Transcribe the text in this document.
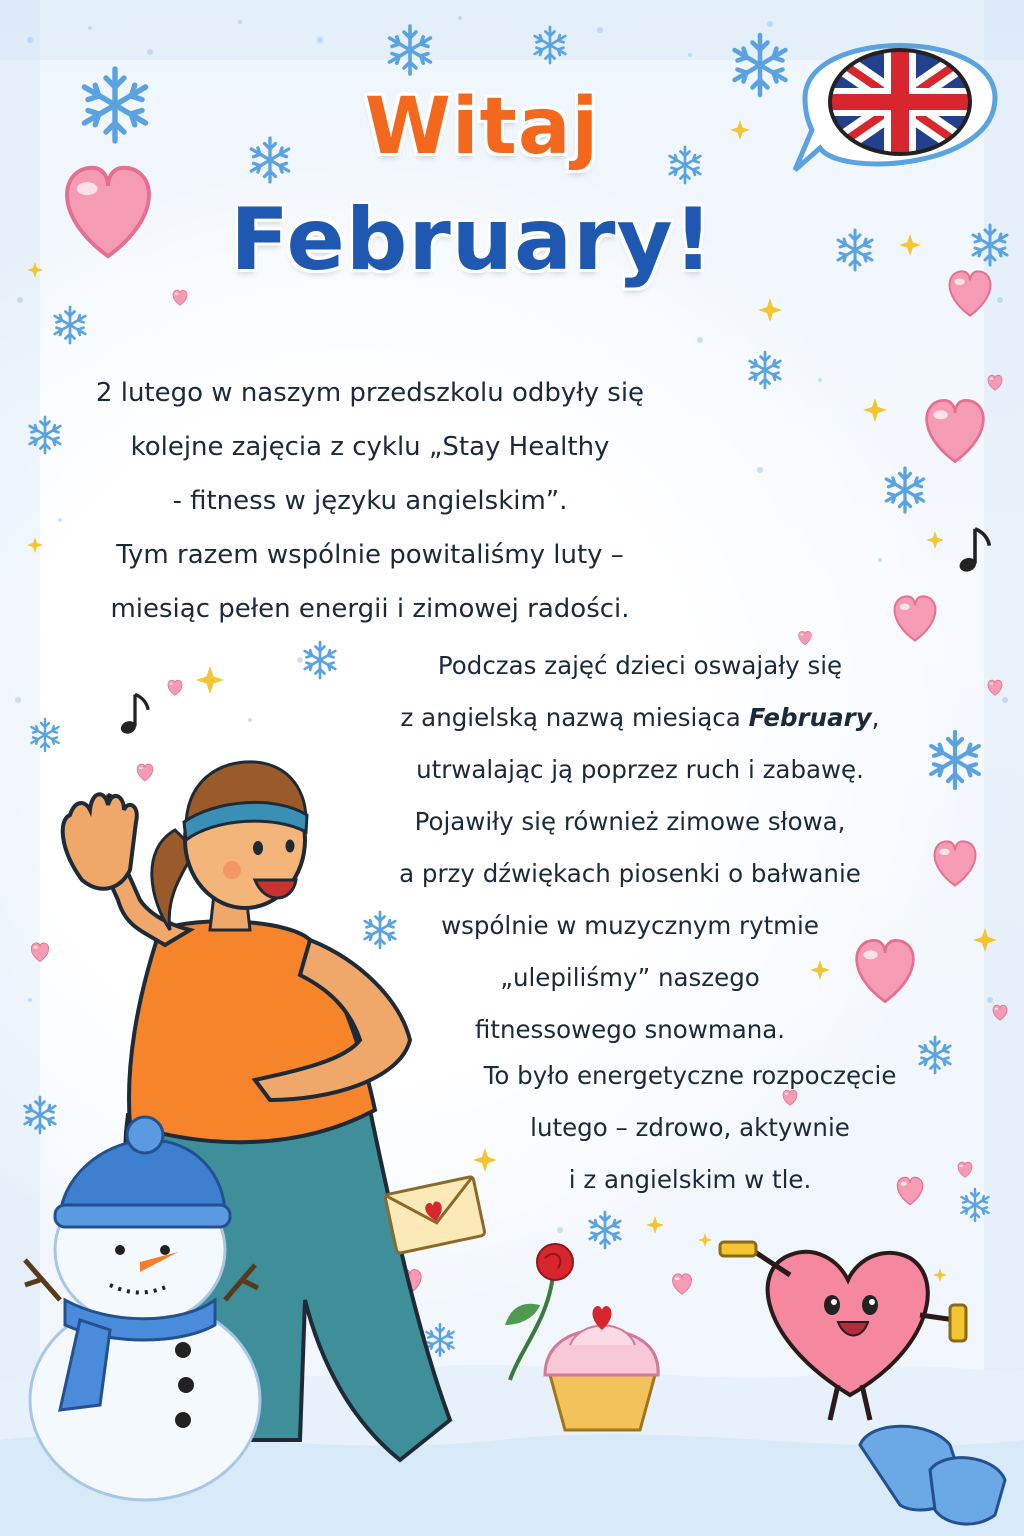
Witaj
February!
2 lutego w naszym przedszkolu odbyły się
kolejne zajęcia z cyklu „Stay Healthy
- fitness w języku angielskim”.
Tym razem wspólnie powitaliśmy luty –
miesiąc pełen energii i zimowej radości.
Podczas zajęć dzieci oswajały się
z angielską nazwą miesiąca February,
utrwalając ją poprzez ruch i zabawę.
Pojawiły się również zimowe słowa,
a przy dźwiękach piosenki o bałwanie
wspólnie w muzycznym rytmie
„ulepiliśmy” naszego
fitnessowego snowmana.
To było energetyczne rozpoczęcie
lutego – zdrowo, aktywnie
i z angielskim w tle.
